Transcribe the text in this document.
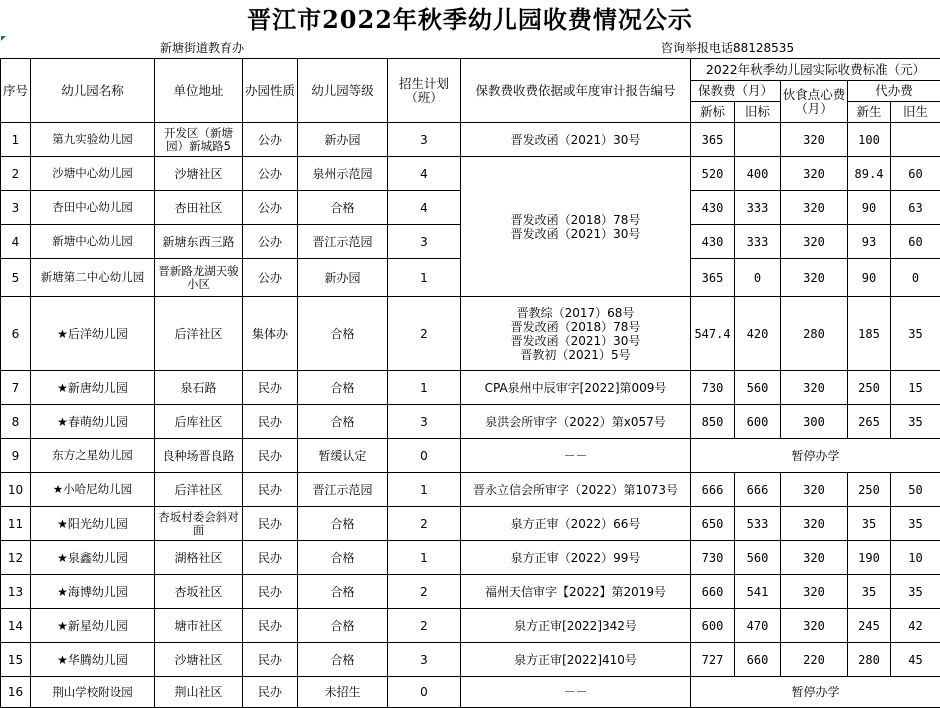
晋江市2022年秋季幼儿园收费情况公示
新塘街道教育办	咨询举报电话88128535
序号	幼儿园名称	单位地址	办园性质	幼儿园等级	招生计划（班）	保教费收费依据或年度审计报告编号	2022年秋季幼儿园实际收费标准（元）				
							保教费（月）		伙食点心费（月）	代办费	
							新标	旧标		新生	旧生
1	第九实验幼儿园	开发区（新塘园）新城路5	公办	新办园	3	晋发改函（2021）30号	365		320	100	
2	沙塘中心幼儿园	沙塘社区	公办	泉州示范园	4	晋发改函（2018）78号
晋发改函（2021）30号	520	400	320	89.4	60
3	杏田中心幼儿园	杏田社区	公办	合格	4		430	333	320	90	63
4	新塘中心幼儿园	新塘东西三路	公办	晋江示范园	3		430	333	320	93	60
5	新塘第二中心幼儿园	晋新路龙湖天骏小区	公办	新办园	1		365	0	320	90	0
6	★后洋幼儿园	后洋社区	集体办	合格	2	晋教综（2017）68号
晋发改函（2018）78号
晋发改函（2021）30号
晋教初（2021）5号	547.4	420	280	185	35
7	★新唐幼儿园	泉石路	民办	合格	1	CPA泉州中辰审字[2022]第009号	730	560	320	250	15
8	★春萌幼儿园	后库社区	民办	合格	3	泉洪会所审字（2022）第x057号	850	600	300	265	35
9	东方之星幼儿园	良种场晋良路	民办	暂缓认定	0	－－	暂停办学				
10	★小哈尼幼儿园	后洋社区	民办	晋江示范园	1	晋永立信会所审字（2022）第1073号	666	666	320	250	50
11	★阳光幼儿园	杏坂村委会斜对面	民办	合格	2	泉方正审（2022）66号	650	533	320	35	35
12	★泉鑫幼儿园	湖格社区	民办	合格	1	泉方正审（2022）99号	730	560	320	190	10
13	★海博幼儿园	杏坂社区	民办	合格	2	福州天信审字【2022】第2019号	660	541	320	35	35
14	★新星幼儿园	塘市社区	民办	合格	2	泉方正审[2022]342号	600	470	320	245	42
15	★华腾幼儿园	沙塘社区	民办	合格	3	泉方正审[2022]410号	727	660	220	280	45
16	荆山学校附设园	荆山社区	民办	未招生	0	－－	暂停办学				
